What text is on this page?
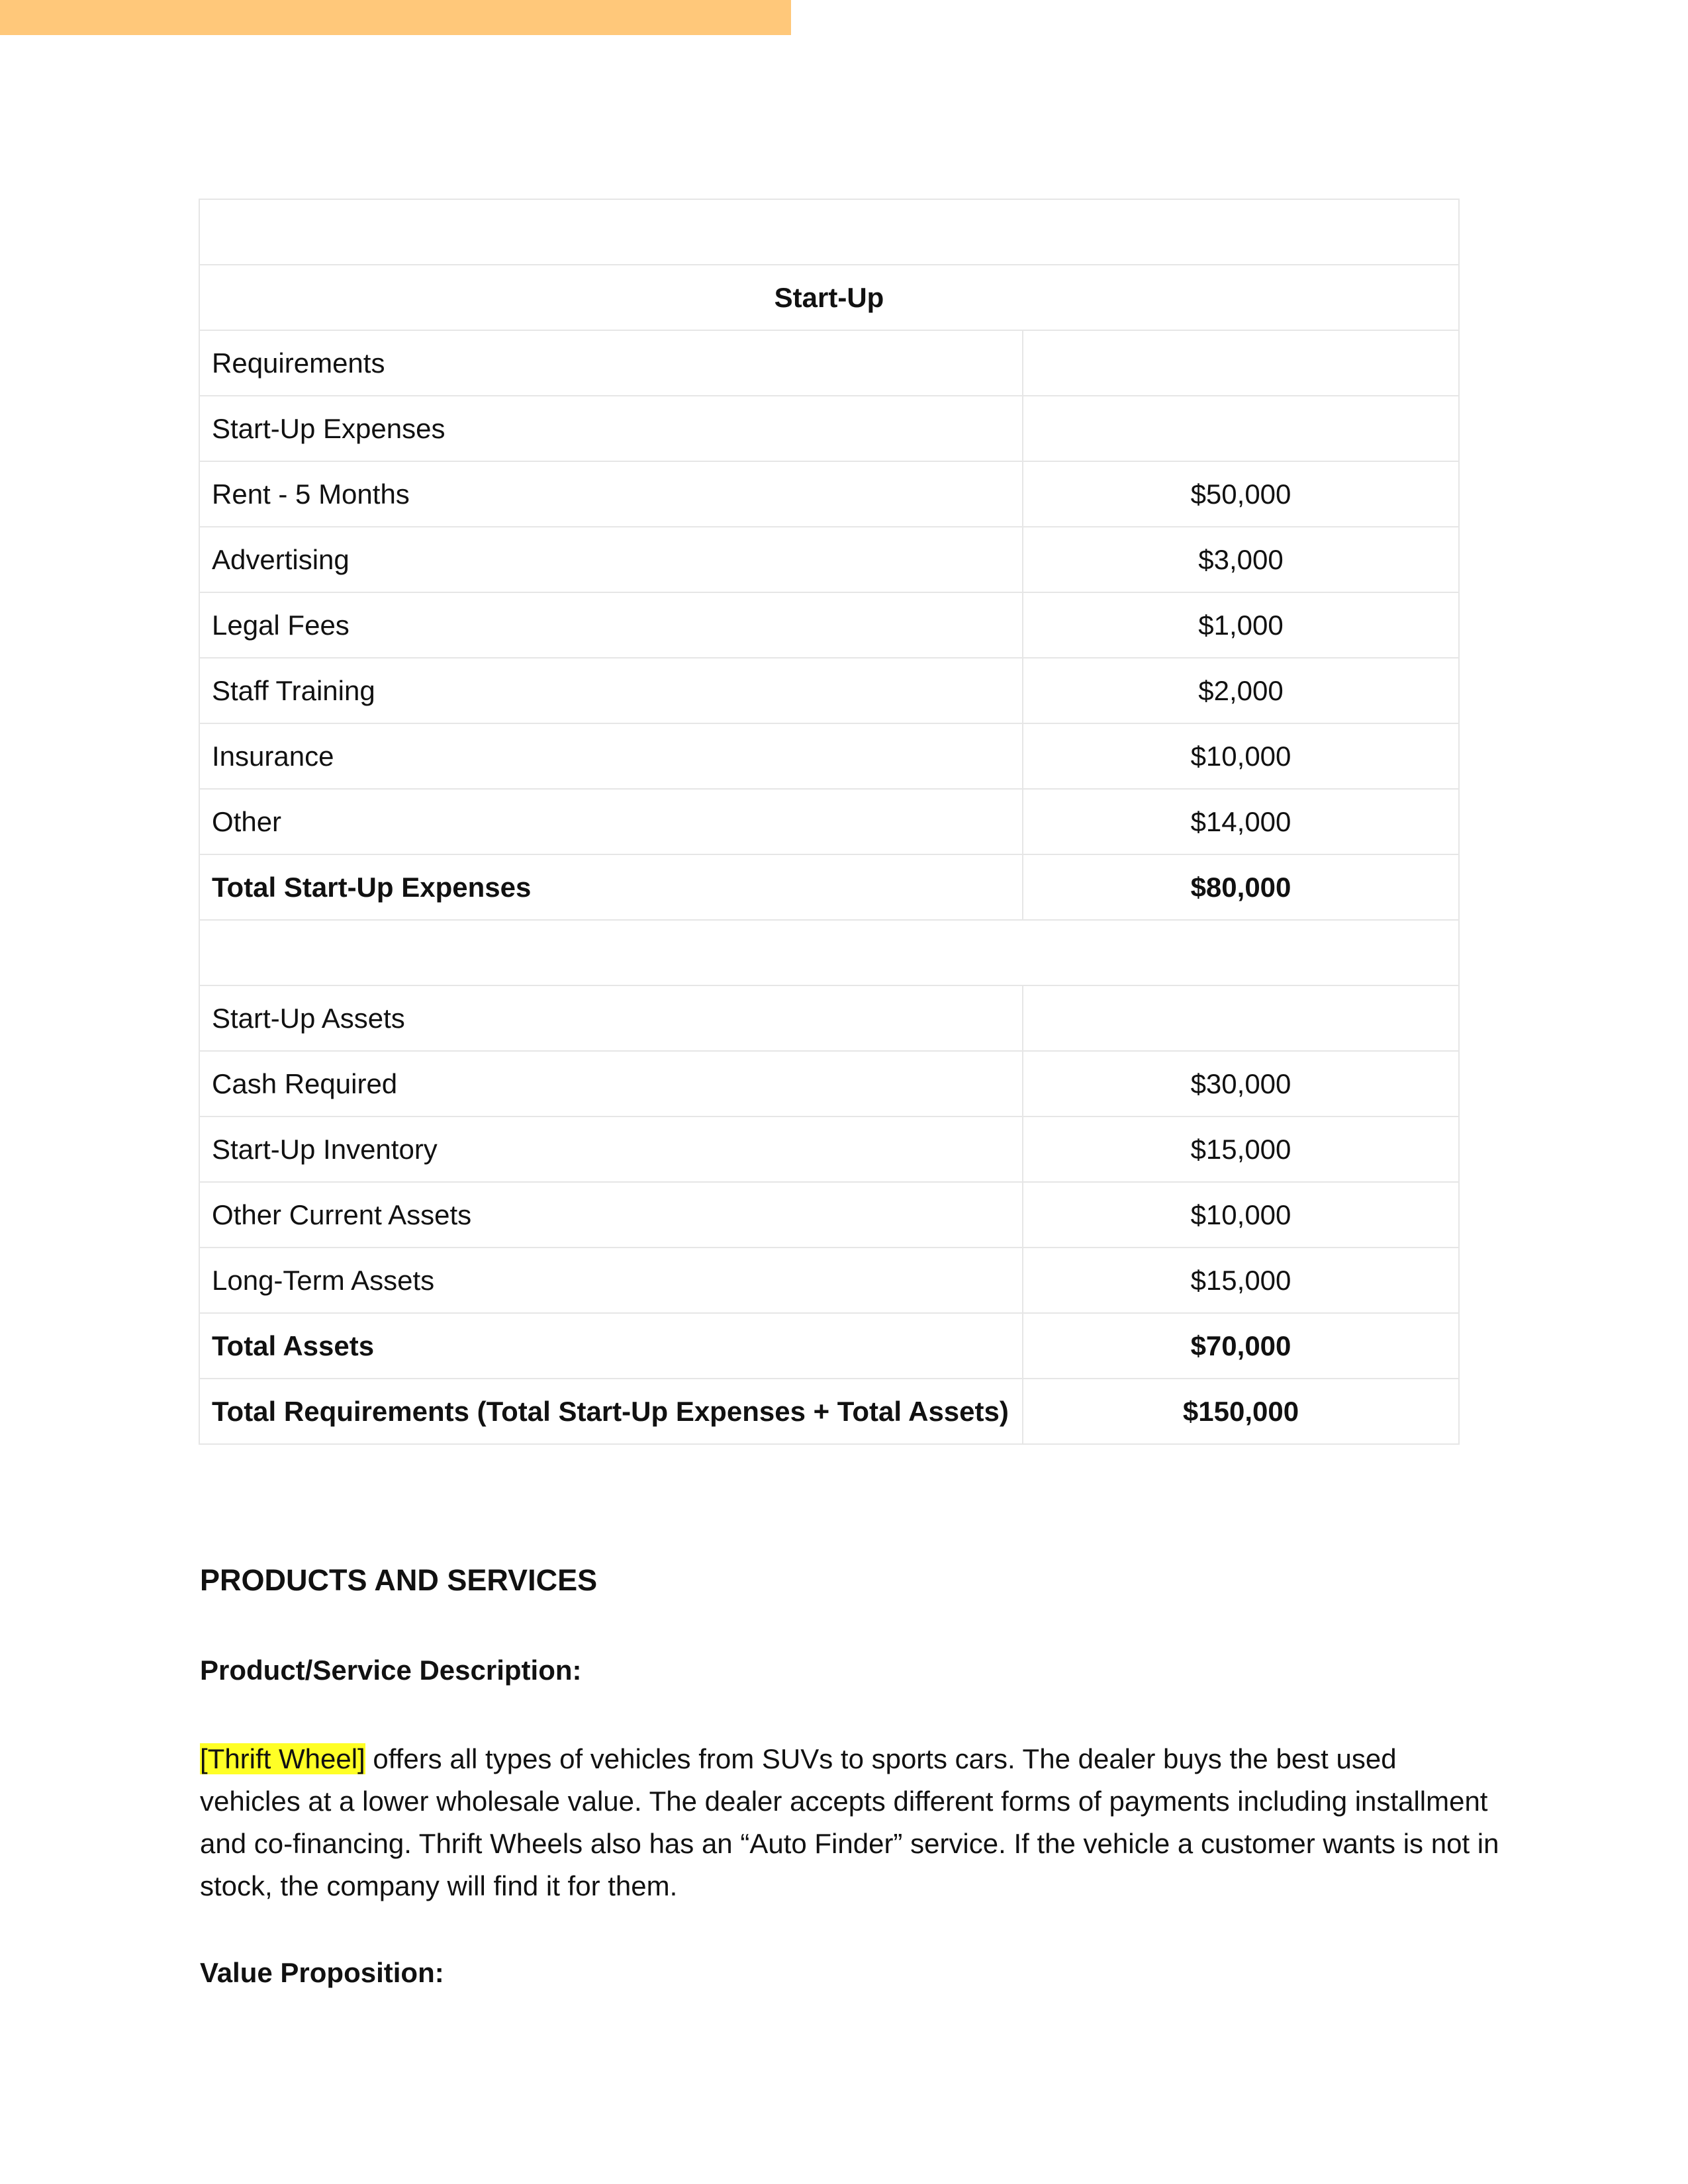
Start-Up	
Requirements	
Start-Up Expenses	
Rent - 5 Months	$50,000
Advertising	$3,000
Legal Fees	$1,000
Staff Training	$2,000
Insurance	$10,000
Other	$14,000
Total Start-Up Expenses	$80,000

Start-Up Assets	
Cash Required	$30,000
Start-Up Inventory	$15,000
Other Current Assets	$10,000
Long-Term Assets	$15,000
Total Assets	$70,000
Total Requirements (Total Start-Up Expenses + Total Assets)	$150,000
PRODUCTS AND SERVICES
Product/Service Description:

[Thrift Wheel] offers all types of vehicles from SUVs to sports cars. The dealer buys the best used vehicles at a lower wholesale value. The dealer accepts different forms of payments including installment and co-financing. Thrift Wheels also has an “Auto Finder” service. If the vehicle a customer wants is not in stock, the company will find it for them.

Value Proposition:
